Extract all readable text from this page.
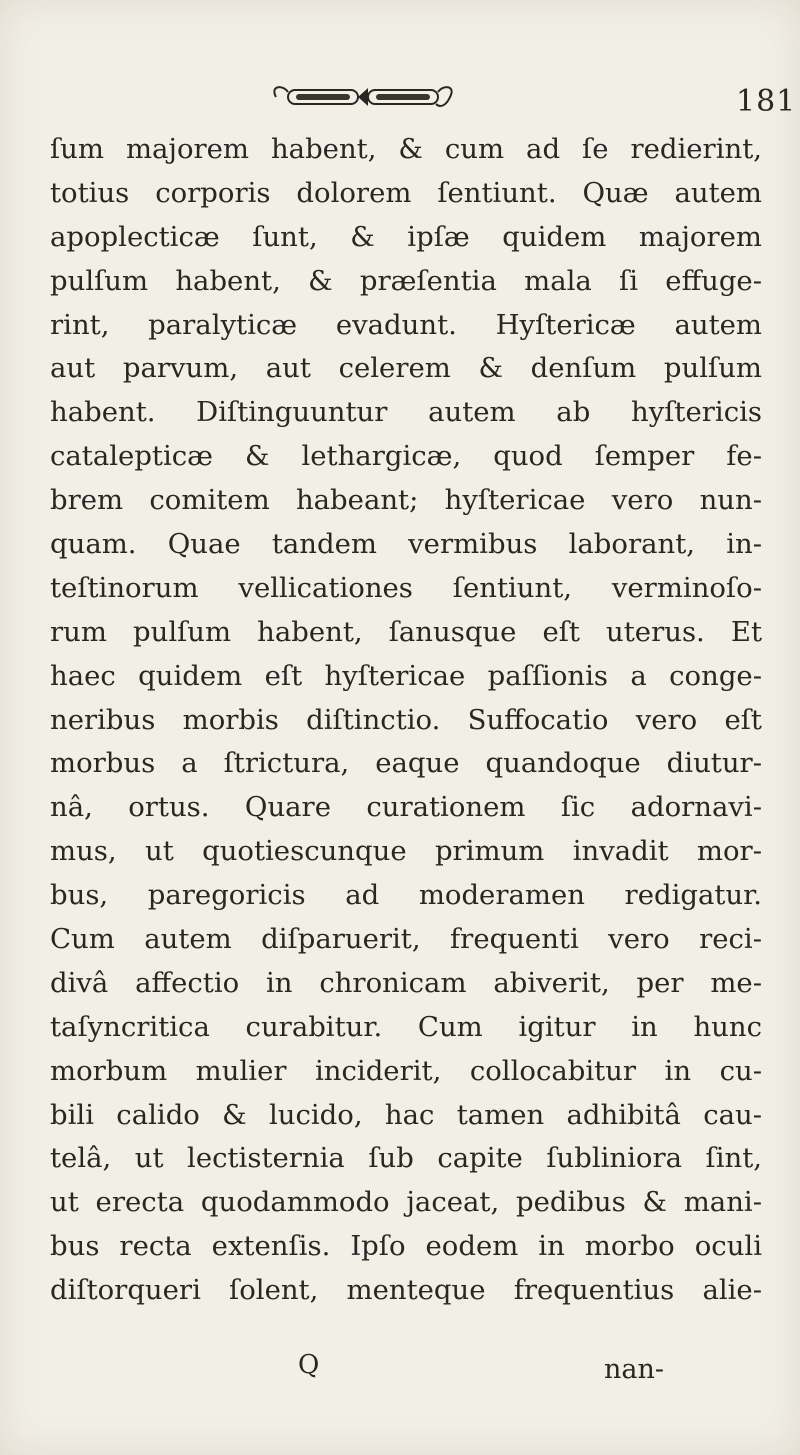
181
ſum majorem habent, & cum ad ſe redierint,
totius corporis dolorem ſentiunt. Quæ autem
apoplecticæ ſunt, & ipſæ quidem majorem
pulſum habent, & præſentia mala ſi effuge-
rint, paralyticæ evadunt. Hyſtericæ autem
aut parvum, aut celerem & denſum pulſum
habent. Diſtinguuntur autem ab hyſtericis
catalepticæ & lethargicæ, quod ſemper fe-
brem comitem habeant; hyſtericae vero nun-
quam. Quae tandem vermibus laborant, in-
teſtinorum vellicationes ſentiunt, verminoſo-
rum pulſum habent, ſanusque eſt uterus. Et
haec quidem eſt hyſtericae paſſionis a conge-
neribus morbis diſtinctio. Suffocatio vero eſt
morbus a ſtrictura, eaque quandoque diutur-
nâ, ortus. Quare curationem ſic adornavi-
mus, ut quotiescunque primum invadit mor-
bus, paregoricis ad moderamen redigatur.
Cum autem diſparuerit, frequenti vero reci-
divâ affectio in chronicam abiverit, per me-
taſyncritica curabitur. Cum igitur in hunc
morbum mulier inciderit, collocabitur in cu-
bili calido & lucido, hac tamen adhibitâ cau-
telâ, ut lectisternia ſub capite ſubliniora ſint,
ut erecta quodammodo jaceat, pedibus & mani-
bus recta extenſis. Ipſo eodem in morbo oculi
diſtorqueri ſolent, menteque frequentius alie-
Q	nan-
